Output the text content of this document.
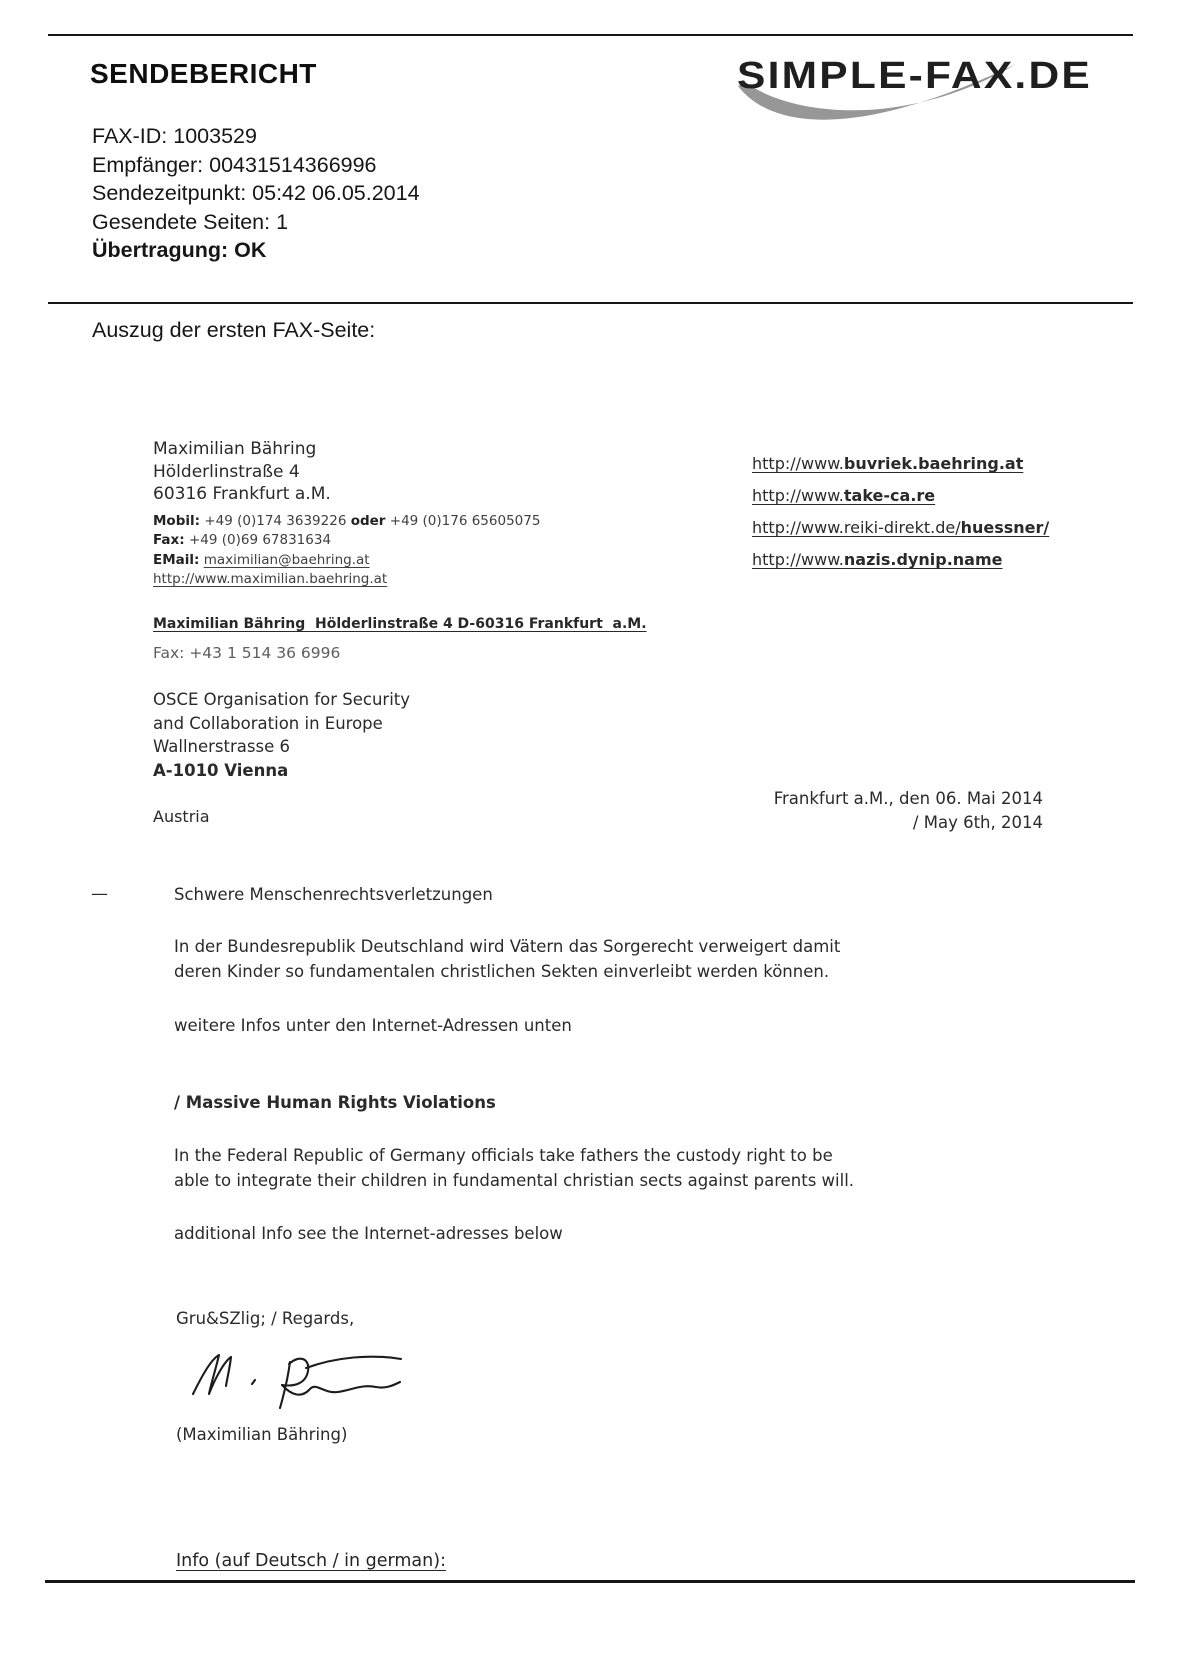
SENDEBERICHT	SIMPLE-FAX.DE
FAX-ID: 1003529
Empfänger: 00431514366996
Sendezeitpunkt: 05:42 06.05.2014
Gesendete Seiten: 1
Übertragung: OK
Auszug der ersten FAX-Seite:
Maximilian Bähring
Hölderlinstraße 4
60316 Frankfurt a.M.
Mobil: +49 (0)174 3639226 oder +49 (0)176 65605075
Fax: +49 (0)69 67831634
EMail: maximilian@baehring.at
http://www.maximilian.baehring.at
http://www.buvriek.baehring.at
http://www.take-ca.re
http://www.reiki-direkt.de/huessner/
http://www.nazis.dynip.name
Maximilian Bähring  Hölderlinstraße 4 D-60316 Frankfurt  a.M.
Fax: +43 1 514 36 6996
OSCE Organisation for Security
and Collaboration in Europe
Wallnerstrasse 6
A-1010 Vienna
Frankfurt a.M., den 06. Mai 2014
/ May 6th, 2014
Austria
—	Schwere Menschenrechtsverletzungen
In der Bundesrepublik Deutschland wird Vätern das Sorgerecht verweigert damit
deren Kinder so fundamentalen christlichen Sekten einverleibt werden können.
weitere Infos unter den Internet-Adressen unten
/ Massive Human Rights Violations
In the Federal Republic of Germany officials take fathers the custody right to be
able to integrate their children in fundamental christian sects against parents will.
additional Info see the Internet-adresses below
Gru&SZlig; / Regards,
(Maximilian Bähring)
Info (auf Deutsch / in german):
